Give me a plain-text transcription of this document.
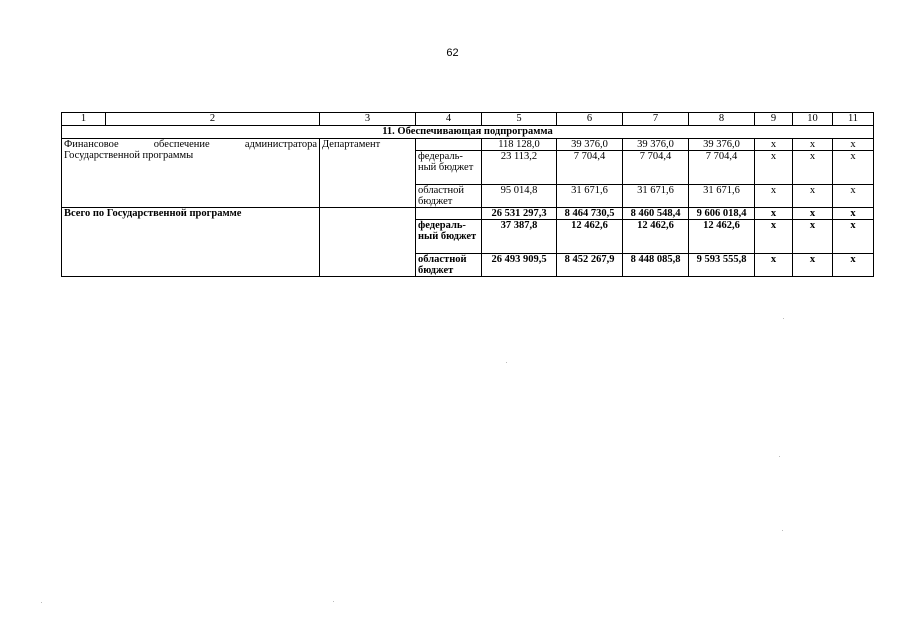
62
1	2	3	4	5	6	7	8	9	10	11
11. Обеспечивающая подпрограмма										
Финансовое обеспечение администратора Государственной программы		Департамент		118 128,0	39 376,0	39 376,0	39 376,0	x	x	x
			федераль-ный бюджет	23 113,2	7 704,4	7 704,4	7 704,4	x	x	x
			областной бюджет	95 014,8	31 671,6	31 671,6	31 671,6	x	x	x
Всего по Государственной программе				26 531 297,3	8 464 730,5	8 460 548,4	9 606 018,4	x	x	x
			федераль-ный бюджет	37 387,8	12 462,6	12 462,6	12 462,6	x	x	x
			областной бюджет	26 493 909,5	8 452 267,9	8 448 085,8	9 593 555,8	x	x	x
